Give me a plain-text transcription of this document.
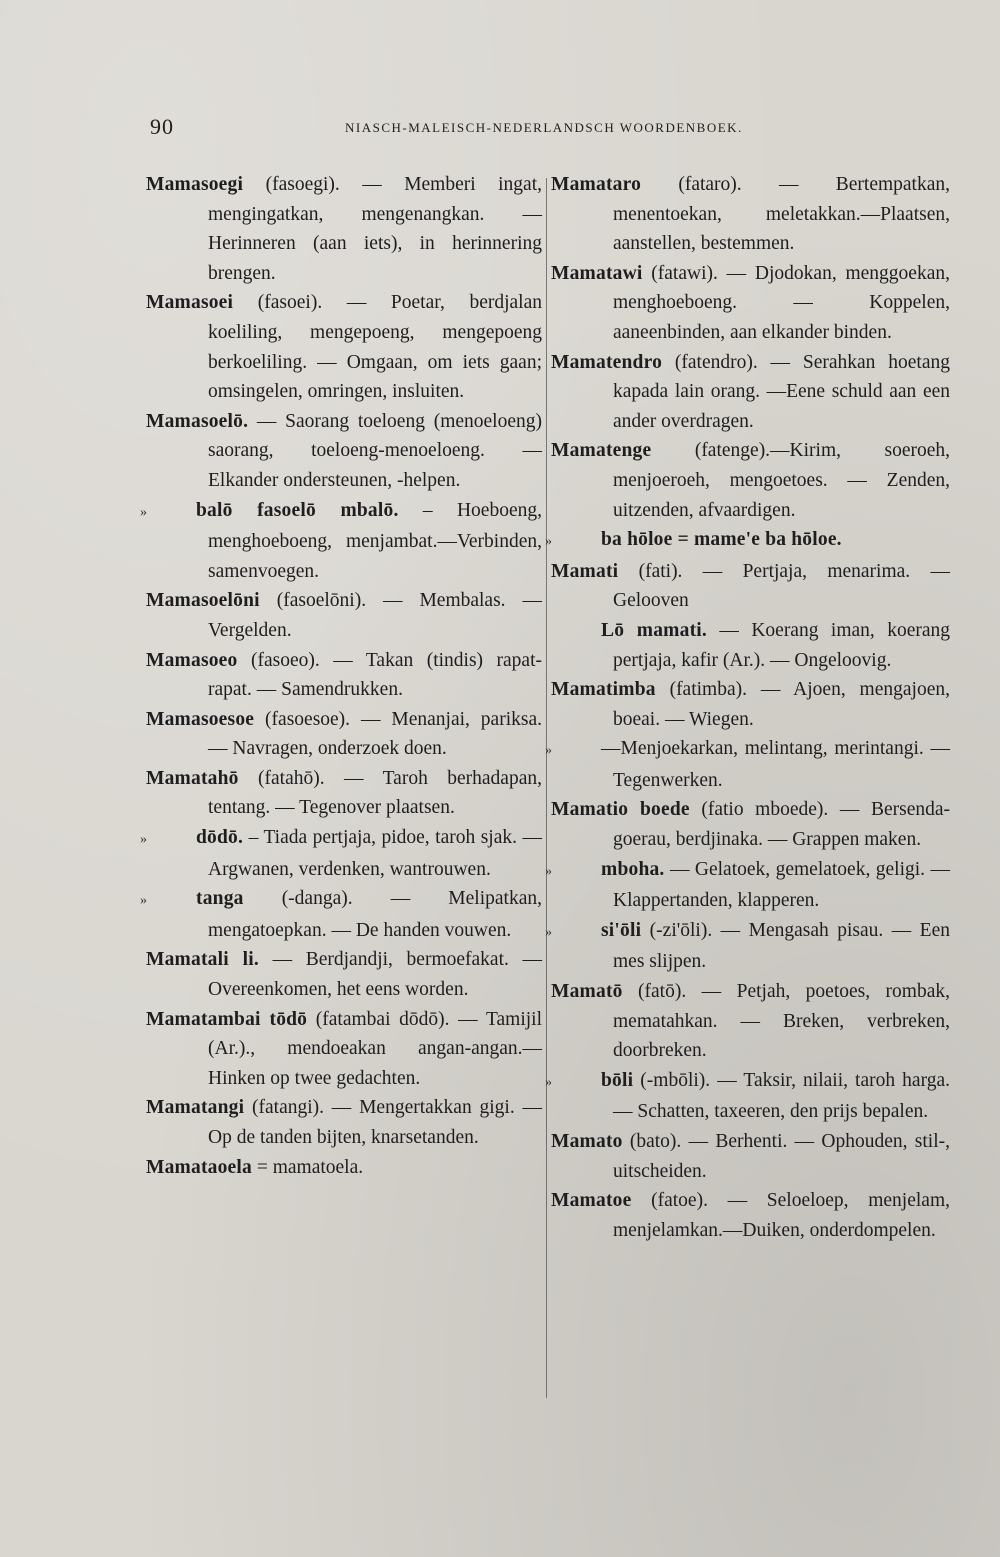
90	NIASCH-MALEISCH-NEDERLANDSCH WOORDENBOEK.

Mamasoegi (fasoegi). — Memberi ingat, mengingatkan, mengenangkan. — Herinneren (aan iets), in herinnering brengen.

Mamasoei (fasoei). — Poetar, berdjalan koeliling, mengepoeng, mengepoeng berkoeliling. — Omgaan, om iets gaan; omsingelen, omringen, insluiten.

Mamasoelō. — Saorang toeloeng (menoeloeng) saorang, toeloeng-menoeloeng. — Elkander ondersteunen, -helpen.

»	balō fasoelō mbalō. – Hoeboeng, menghoeboeng, menjambat.—Verbinden, samenvoegen.

Mamasoelōni (fasoelōni). — Membalas. — Vergelden.

Mamasoeo (fasoeo). — Takan (tindis) rapat-rapat. — Samendrukken.

Mamasoesoe (fasoesoe). — Menanjai, pariksa. — Navragen, onderzoek doen.

Mamatahō (fatahō). — Taroh berhadapan, tentang. — Tegenover plaatsen.

»	dōdō. – Tiada pertjaja, pidoe, taroh sjak. — Argwanen, verdenken, wantrouwen.

»	tanga (-danga). — Melipatkan, mengatoepkan. — De handen vouwen.

Mamatali li. — Berdjandji, bermoefakat. —Overeenkomen, het eens worden.

Mamatambai tōdō (fatambai dōdō). — Tamijil (Ar.)., mendoeakan angan-angan.—Hinken op twee gedachten.

Mamatangi (fatangi). — Mengertakkan gigi. — Op de tanden bijten, knarsetanden.

Mamataoela = mamatoela.

Mamataro (fataro). — Bertempatkan, menentoekan, meletakkan.—Plaatsen, aanstellen, bestemmen.

Mamatawi (fatawi). — Djodokan, menggoekan, menghoeboeng. — Koppelen, aaneenbinden, aan elkander binden.

Mamatendro (fatendro). — Serahkan hoetang kapada lain orang. —Eene schuld aan een ander overdragen.

Mamatenge (fatenge).—Kirim, soeroeh, menjoeroeh, mengoetoes. — Zenden, uitzenden, afvaardigen.

»	ba hōloe = mame'e ba hōloe.

Mamati (fati). — Pertjaja, menarima. — Gelooven

Lō mamati. — Koerang iman, koerang pertjaja, kafir (Ar.). — Ongeloovig.

Mamatimba (fatimba). — Ajoen, mengajoen, boeai. — Wiegen.

»	—Menjoekarkan, melintang, merintangi. — Tegenwerken.

Mamatio boede (fatio mboede). — Bersenda-goerau, berdjinaka. — Grappen maken.

»	mboha. — Gelatoek, gemelatoek, geligi. —Klappertanden, klapperen.

»	si'ōli (-zi'ōli). — Mengasah pisau. — Een mes slijpen.

Mamatō (fatō). — Petjah, poetoes, rombak, mematahkan. — Breken, verbreken, doorbreken.

»	bōli (-mbōli). — Taksir, nilaii, taroh harga. — Schatten, taxeeren, den prijs bepalen.

Mamato (bato). — Berhenti. — Ophouden, stil-, uitscheiden.

Mamatoe (fatoe). — Seloeloep, menjelam, menjelamkan.—Duiken, onderdompelen.
